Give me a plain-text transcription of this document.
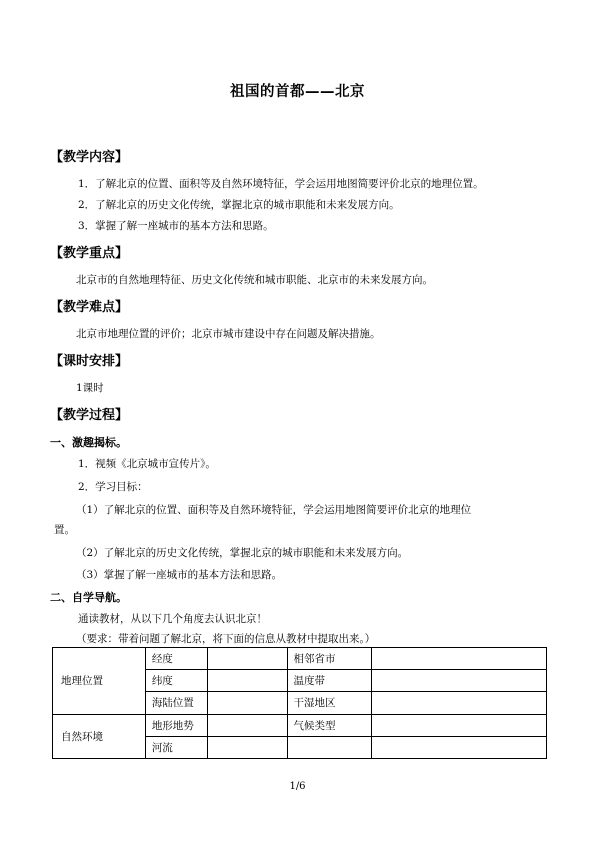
祖国的首都——北京
【教学内容】
1．了解北京的位置、面积等及自然环境特征，学会运用地图简要评价北京的地理位置。
2．了解北京的历史文化传统，掌握北京的城市职能和未来发展方向。
3．掌握了解一座城市的基本方法和思路。
【教学重点】
北京市的自然地理特征、历史文化传统和城市职能、北京市的未来发展方向。
【教学难点】
北京市地理位置的评价；北京市城市建设中存在问题及解决措施。
【课时安排】
1课时
【教学过程】
一、激趣揭标。
1．视频《北京城市宣传片》。
2．学习目标：
（1）了解北京的位置、面积等及自然环境特征，学会运用地图简要评价北京的地理位
置。
（2）了解北京的历史文化传统，掌握北京的城市职能和未来发展方向。
（3）掌握了解一座城市的基本方法和思路。
二、自学导航。
通读教材，从以下几个角度去认识北京！
（要求：带着问题了解北京，将下面的信息从教材中提取出来。）
地理位置	经度		相邻省市	
	纬度		温度带	
	海陆位置		干湿地区	
自然环境	地形地势		气候类型	
	河流			
1/6
